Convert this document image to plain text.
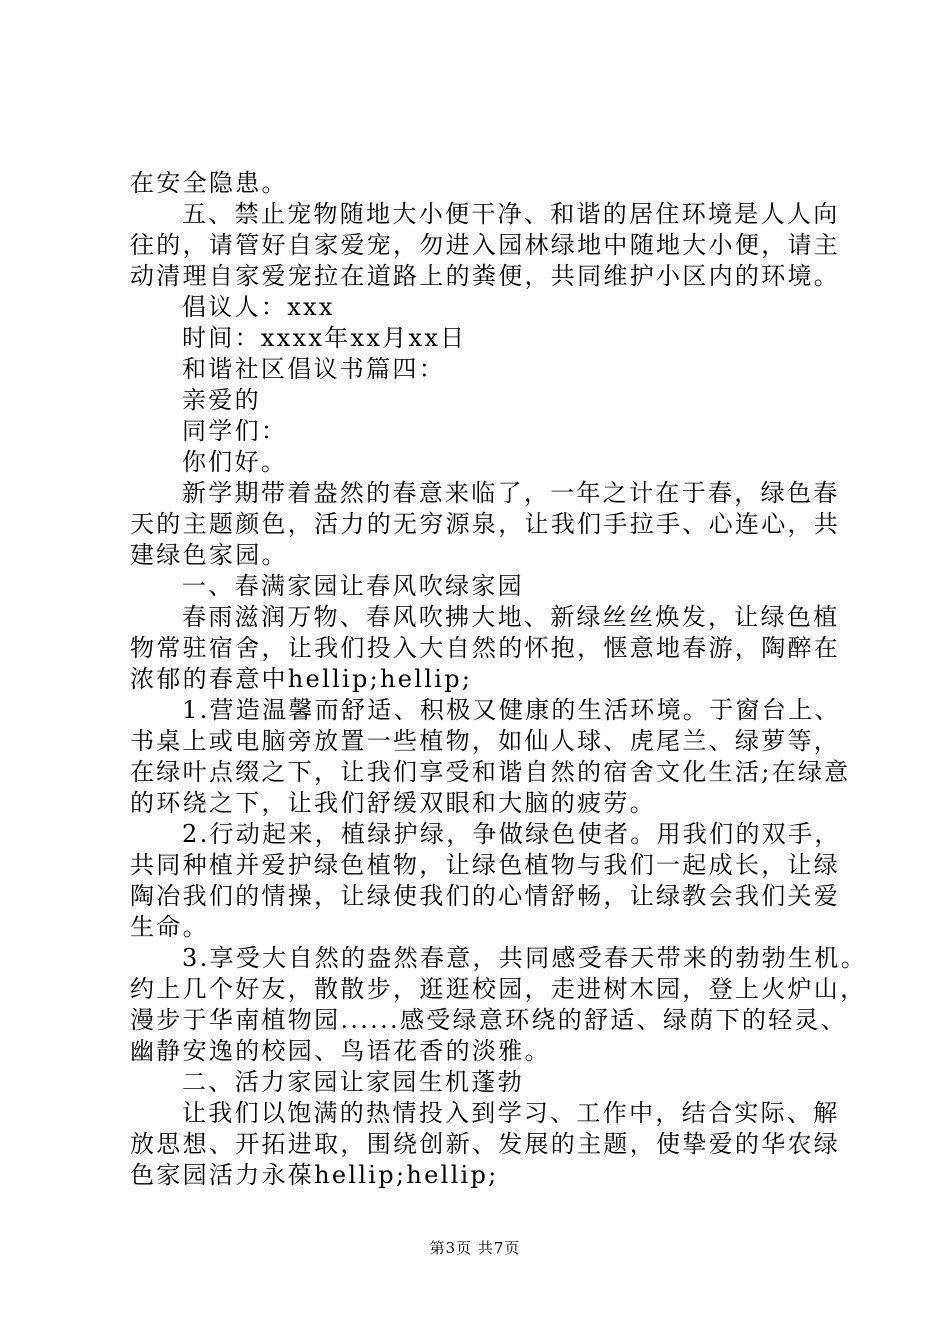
在安全隐患。
五、禁止宠物随地大小便干净、和谐的居住环境是人人向
往的，请管好自家爱宠，勿进入园林绿地中随地大小便，请主
动清理自家爱宠拉在道路上的粪便，共同维护小区内的环境。
倡议人：xxx
时间：xxxx年xx月xx日
和谐社区倡议书篇四：
亲爱的
同学们：
你们好。
新学期带着盎然的春意来临了，一年之计在于春，绿色春
天的主题颜色，活力的无穷源泉，让我们手拉手、心连心，共
建绿色家园。
一、春满家园让春风吹绿家园
春雨滋润万物、春风吹拂大地、新绿丝丝焕发，让绿色植
物常驻宿舍，让我们投入大自然的怀抱，惬意地春游，陶醉在
浓郁的春意中hellip;hellip;
1.营造温馨而舒适、积极又健康的生活环境。于窗台上、
书桌上或电脑旁放置一些植物，如仙人球、虎尾兰、绿萝等，
在绿叶点缀之下，让我们享受和谐自然的宿舍文化生活;在绿意
的环绕之下，让我们舒缓双眼和大脑的疲劳。
2.行动起来，植绿护绿，争做绿色使者。用我们的双手，
共同种植并爱护绿色植物，让绿色植物与我们一起成长，让绿
陶冶我们的情操，让绿使我们的心情舒畅，让绿教会我们关爱
生命。
3.享受大自然的盎然春意，共同感受春天带来的勃勃生机。
约上几个好友，散散步，逛逛校园，走进树木园，登上火炉山，
漫步于华南植物园......感受绿意环绕的舒适、绿荫下的轻灵、
幽静安逸的校园、鸟语花香的淡雅。
二、活力家园让家园生机蓬勃
让我们以饱满的热情投入到学习、工作中，结合实际、解
放思想、开拓进取，围绕创新、发展的主题，使挚爱的华农绿
色家园活力永葆hellip;hellip;
第3页 共7页
